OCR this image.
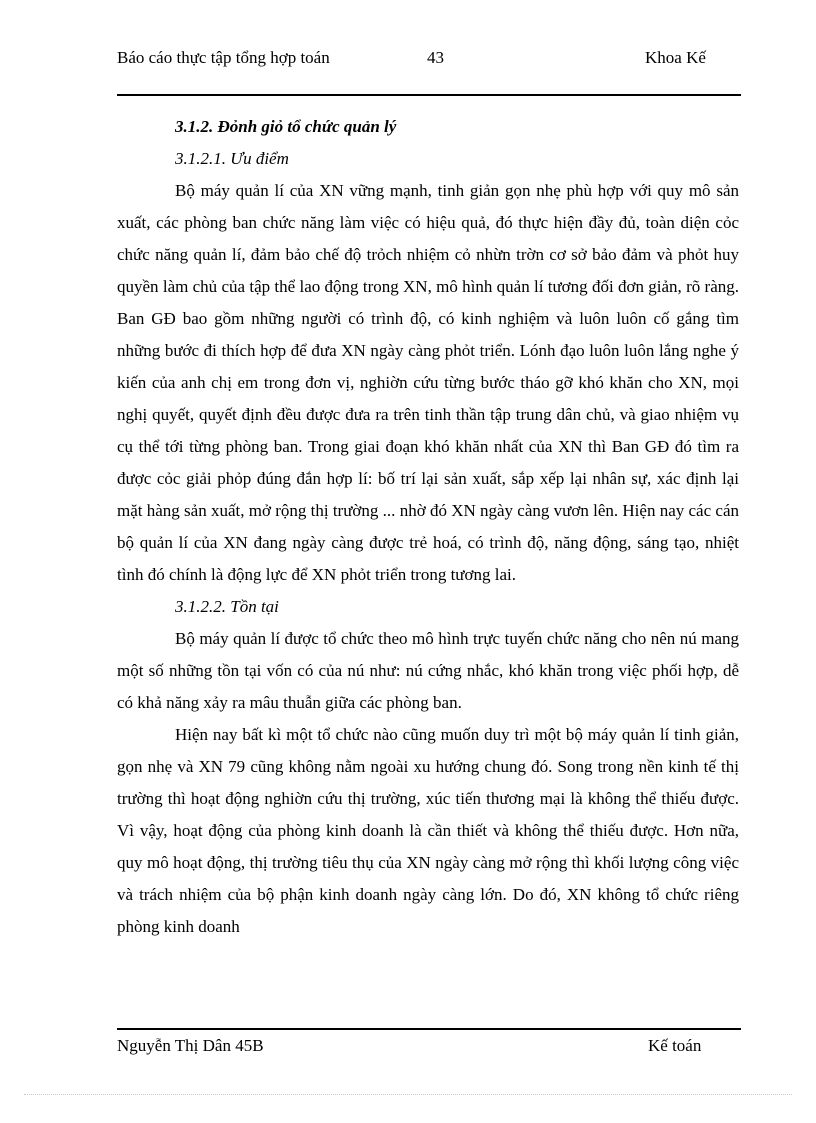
Báo cáo thực tập tổng hợp toán	43	Khoa Kế

3.1.2. Đỏnh giỏ tổ chức quản lý

3.1.2.1. Ưu điểm

Bộ máy quản lí của XN vững mạnh, tinh giản gọn nhẹ phù hợp với quy mô sản xuất, các phòng ban chức năng làm việc có hiệu quả, đó thực hiện đầy đủ, toàn diện cỏc chức năng quản lí, đảm bảo chế độ trỏch nhiệm cỏ nhừn trờn cơ sở bảo đảm và phỏt huy quyền làm chủ của tập thể lao động trong XN, mô hình quản lí tương đối đơn giản, rõ ràng. Ban GĐ bao gồm những người có trình độ, có kinh nghiệm và luôn luôn cố gắng tìm những bước đi thích hợp để đưa XN ngày càng phỏt triển. Lónh đạo luôn luôn lắng nghe ý kiến của anh chị em trong đơn vị, nghiờn cứu từng bước tháo gỡ khó khăn cho XN, mọi nghị quyết, quyết định đều được đưa ra trên tinh thần tập trung dân chủ, và giao nhiệm vụ cụ thể tới từng phòng ban. Trong giai đoạn khó khăn nhất của XN thì Ban GĐ đó tìm ra được cỏc giải phỏp đúng đắn hợp lí: bố trí lại sản xuất, sắp xếp lại nhân sự, xác định lại mặt hàng sản xuất, mở rộng thị trường ... nhờ đó XN ngày càng vươn lên. Hiện nay các cán bộ quản lí của XN đang ngày càng được trẻ hoá, có trình độ, năng động, sáng tạo, nhiệt tình đó chính là động lực để XN phỏt triển trong tương lai.

3.1.2.2. Tồn tại

Bộ máy quản lí được tổ chức theo mô hình trực tuyến chức năng cho nên nú mang một số những tồn tại vốn có của nú như: nú cứng nhắc, khó khăn trong việc phối hợp, dễ có khả năng xảy ra mâu thuẫn giữa các phòng ban.

Hiện nay bất kì một tổ chức nào cũng muốn duy trì một bộ máy quản lí tinh giản, gọn nhẹ và XN 79 cũng không nằm ngoài xu hướng chung đó. Song trong nền kinh tế thị trường thì hoạt động nghiờn cứu thị trường, xúc tiến thương mại là không thể thiếu được. Vì vậy, hoạt động của phòng kinh doanh là cần thiết và không thể thiếu được. Hơn nữa, quy mô hoạt động, thị trường tiêu thụ của XN ngày càng mở rộng thì khối lượng công việc và trách nhiệm của bộ phận kinh doanh ngày càng lớn. Do đó, XN không tổ chức riêng phòng kinh doanh

Nguyễn Thị Dân 45B	Kế toán
